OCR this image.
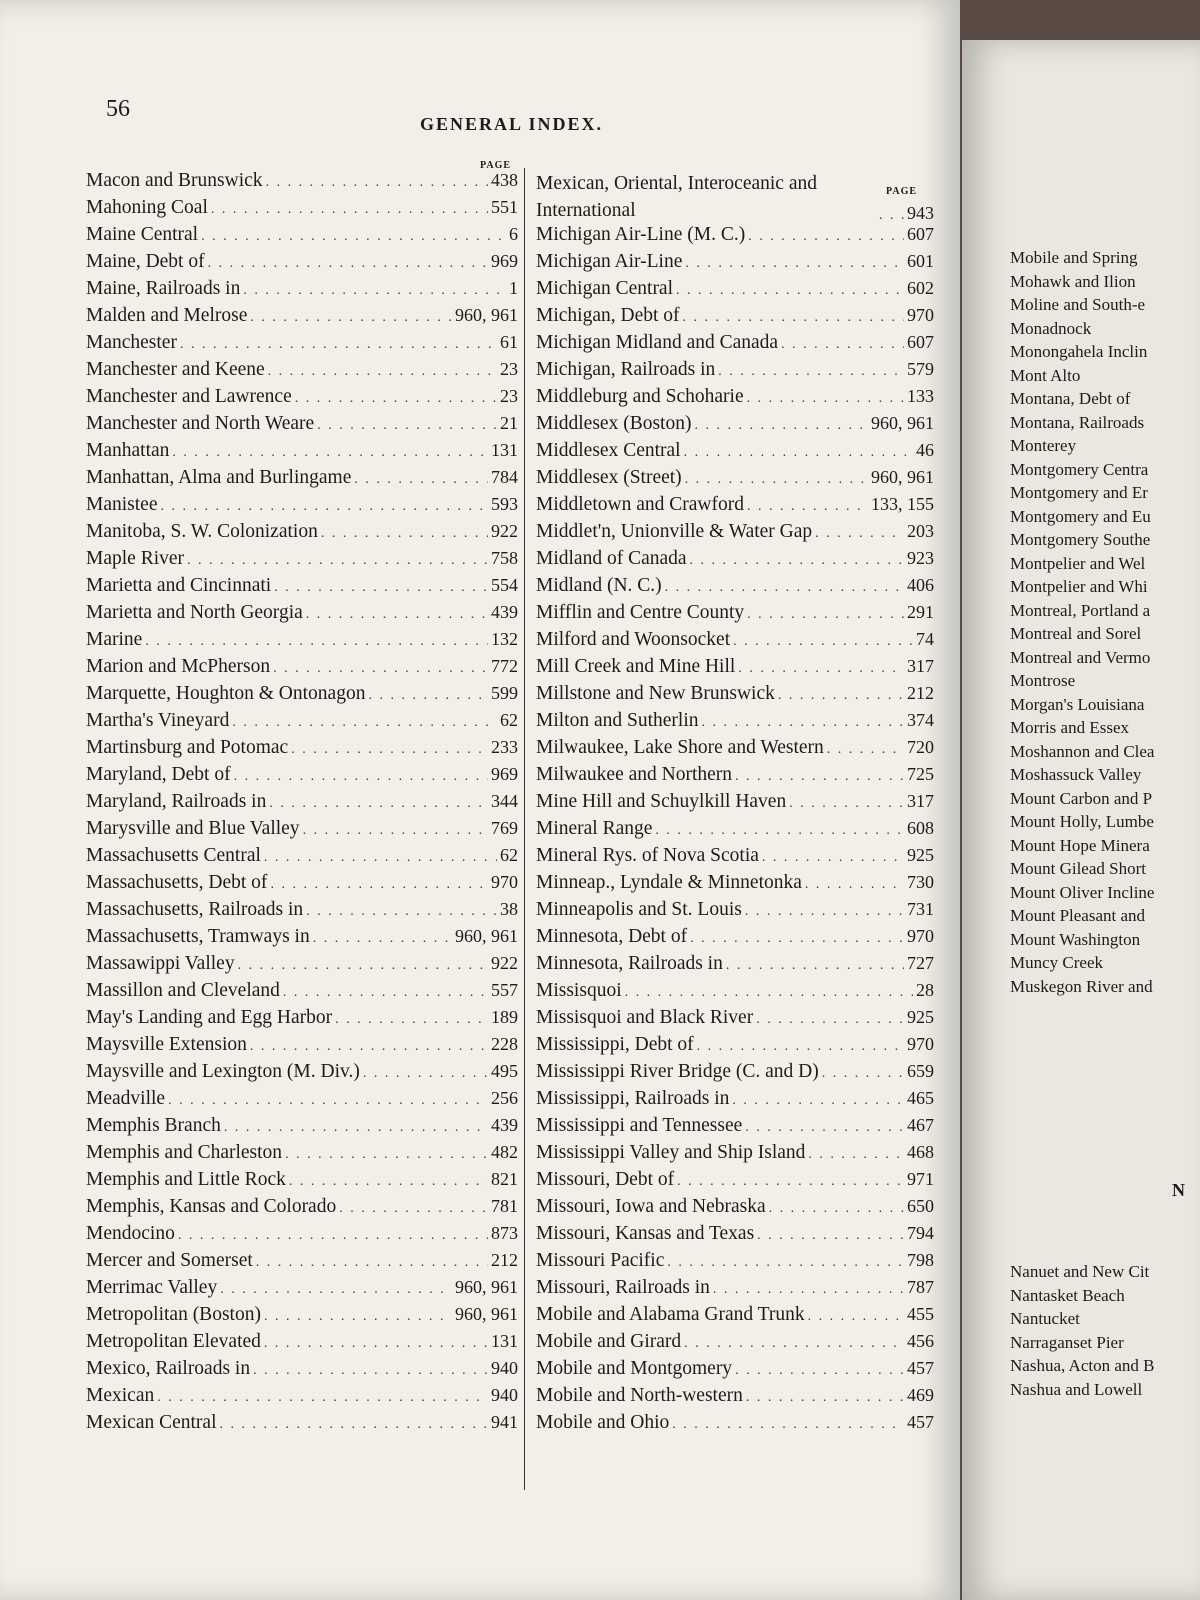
56
GENERAL INDEX.
PAGE
PAGE
Macon and Brunswick . . .	438
Mahoning Coal . . .	551
Maine Central . . .	6
Maine, Debt of . . .	969
Maine, Railroads in . . .	1
Malden and Melrose . . .	960, 961
Manchester . . .	61
Manchester and Keene . . .	23
Manchester and Lawrence . . .	23
Manchester and North Weare . . .	21
Manhattan . . .	131
Manhattan, Alma and Burlingame . . .	784
Manistee . . .	593
Manitoba, S. W. Colonization . . .	922
Maple River . . .	758
Marietta and Cincinnati . . .	554
Marietta and North Georgia . . .	439
Marine . . .	132
Marion and McPherson . . .	772
Marquette, Houghton & Ontonagon . . .	599
Martha's Vineyard . . .	62
Martinsburg and Potomac . . .	233
Maryland, Debt of . . .	969
Maryland, Railroads in . . .	344
Marysville and Blue Valley . . .	769
Massachusetts Central . . .	62
Massachusetts, Debt of . . .	970
Massachusetts, Railroads in . . .	38
Massachusetts, Tramways in . . .	960, 961
Massawippi Valley . . .	922
Massillon and Cleveland . . .	557
May's Landing and Egg Harbor . . .	189
Maysville Extension . . .	228
Maysville and Lexington (M. Div.) . . .	495
Meadville . . .	256
Memphis Branch . . .	439
Memphis and Charleston . . .	482
Memphis and Little Rock . . .	821
Memphis, Kansas and Colorado . . .	781
Mendocino . . .	873
Mercer and Somerset . . .	212
Merrimac Valley . . .	960, 961
Metropolitan (Boston) . . .	960, 961
Metropolitan Elevated . . .	131
Mexico, Railroads in . . .	940
Mexican . . .	940
Mexican Central . . .	941
Mexican, Oriental, Interoceanic and International . . .	943
Michigan Air-Line (M. C.) . . .	607
Michigan Air-Line . . .	601
Michigan Central . . .	602
Michigan, Debt of . . .	970
Michigan Midland and Canada . . .	607
Michigan, Railroads in . . .	579
Middleburg and Schoharie . . .	133
Middlesex (Boston) . . .	960, 961
Middlesex Central . . .	46
Middlesex (Street) . . .	960, 961
Middletown and Crawford . . .	133, 155
Middlet'n, Unionville & Water Gap . . .	203
Midland of Canada . . .	923
Midland (N. C.) . . .	406
Mifflin and Centre County . . .	291
Milford and Woonsocket . . .	74
Mill Creek and Mine Hill . . .	317
Millstone and New Brunswick . . .	212
Milton and Sutherlin . . .	374
Milwaukee, Lake Shore and Western . . .	720
Milwaukee and Northern . . .	725
Mine Hill and Schuylkill Haven . . .	317
Mineral Range . . .	608
Mineral Rys. of Nova Scotia . . .	925
Minneap., Lyndale & Minnetonka . . .	730
Minneapolis and St. Louis . . .	731
Minnesota, Debt of . . .	970
Minnesota, Railroads in . . .	727
Missisquoi . . .	28
Missisquoi and Black River . . .	925
Mississippi, Debt of . . .	970
Mississippi River Bridge (C. and D) . . .	659
Mississippi, Railroads in . . .	465
Mississippi and Tennessee . . .	467
Mississippi Valley and Ship Island . . .	468
Missouri, Debt of . . .	971
Missouri, Iowa and Nebraska . . .	650
Missouri, Kansas and Texas . . .	794
Missouri Pacific . . .	798
Missouri, Railroads in . . .	787
Mobile and Alabama Grand Trunk . . .	455
Mobile and Girard . . .	456
Mobile and Montgomery . . .	457
Mobile and North-western . . .	469
Mobile and Ohio . . .	457
Mobile and Spring
Mohawk and Ilion
Moline and South-e
Monadnock
Monongahela Inclin
Mont Alto
Montana, Debt of
Montana, Railroads
Monterey
Montgomery Centra
Montgomery and Er
Montgomery and Eu
Montgomery Southe
Montpelier and Wel
Montpelier and Whi
Montreal, Portland a
Montreal and Sorel
Montreal and Vermo
Montrose
Morgan's Louisiana
Morris and Essex
Moshannon and Clea
Moshassuck Valley
Mount Carbon and P
Mount Holly, Lumbe
Mount Hope Minera
Mount Gilead Short
Mount Oliver Incline
Mount Pleasant and
Mount Washington
Muncy Creek
Muskegon River and
N
Nanuet and New Cit
Nantasket Beach
Nantucket
Narraganset Pier
Nashua, Acton and B
Nashua and Lowell
